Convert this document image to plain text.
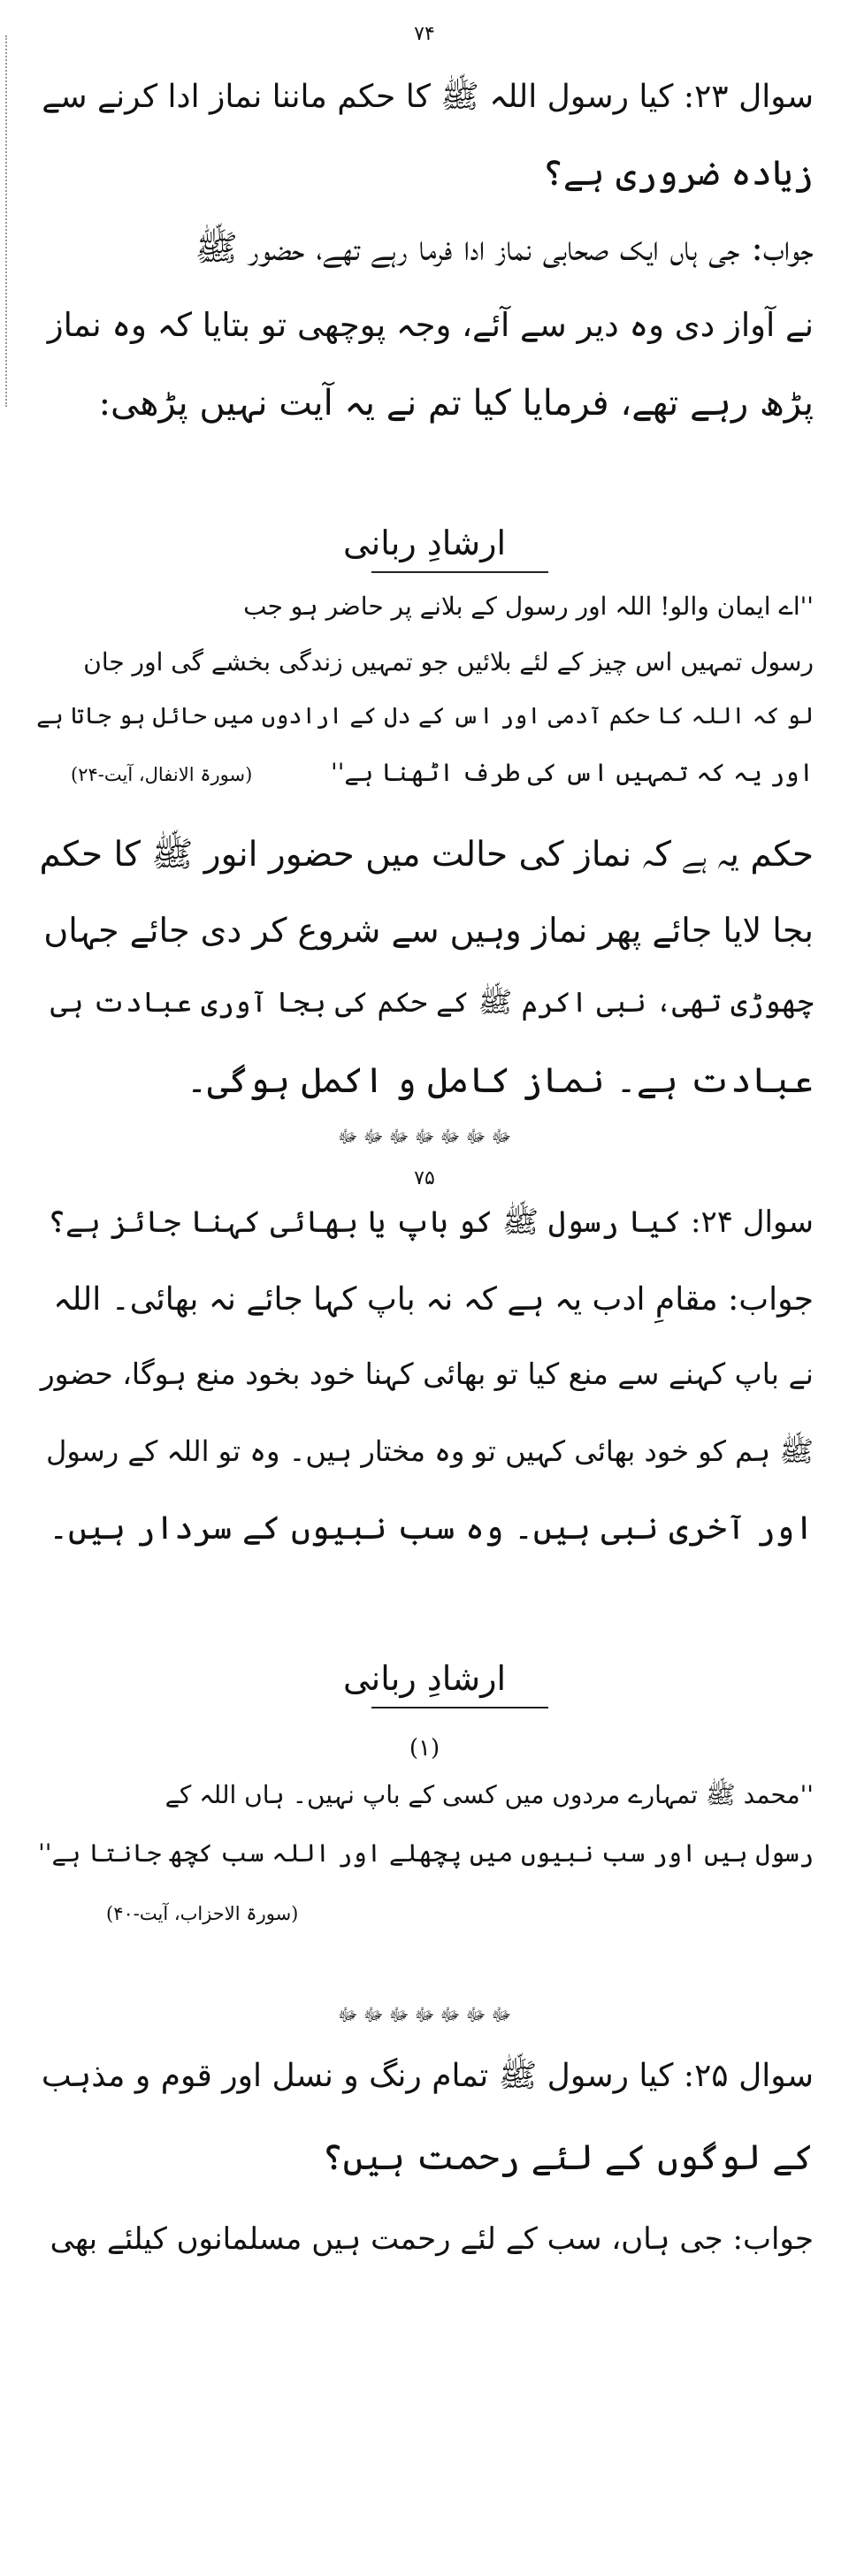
۷۴
سوال ۲۳: کیا رسول اللہ ﷺ کا حکم ماننا نماز ادا کرنے سے
زیادہ ضروری ہے؟
جواب: جی ہاں ایک صحابی نماز ادا فرما رہے تھے، حضور ﷺ
نے آواز دی وہ دیر سے آئے، وجہ پوچھی تو بتایا کہ وہ نماز
پڑھ رہے تھے، فرمایا کیا تم نے یہ آیت نہیں پڑھی:
ارشادِ ربانی
''اے ایمان والو! اللہ اور رسول کے بلانے پر حاضر ہو جب
رسول تمہیں اس چیز کے لئے بلائیں جو تمہیں زندگی بخشے گی اور جان
لو کہ اللہ کا حکم آدمی اور اس کے دل کے ارادوں میں حائل ہو جاتا ہے
اور یہ کہ تمہیں اس کی طرف اٹھنا ہے''
(سورۃ الانفال، آیت-۲۴)
حکم یہ ہے کہ نماز کی حالت میں حضور انور ﷺ کا حکم
بجا لایا جائے پھر نماز وہیں سے شروع کر دی جائے جہاں
چھوڑی تھی، نبی اکرم ﷺ کے حکم کی بجا آوری عبادت ہی
عبادت ہے۔ نماز کامل و اکمل ہوگی۔
ﷻ ﷻ ﷻ ﷻ ﷻ ﷻ ﷻ
۷۵
سوال ۲۴: کیا رسول ﷺ کو باپ یا بھائی کہنا جائز ہے؟
جواب: مقامِ ادب یہ ہے کہ نہ باپ کہا جائے نہ بھائی۔ اللہ
نے باپ کہنے سے منع کیا تو بھائی کہنا خود بخود منع ہوگا، حضور
ﷺ ہم کو خود بھائی کہیں تو وہ مختار ہیں۔ وہ تو اللہ کے رسول
اور آخری نبی ہیں۔ وہ سب نبیوں کے سردار ہیں۔
ارشادِ ربانی
(۱)
''محمد ﷺ تمہارے مردوں میں کسی کے باپ نہیں۔ ہاں اللہ کے
رسول ہیں اور سب نبیوں میں پچھلے اور اللہ سب کچھ جانتا ہے''
(سورۃ الاحزاب، آیت-۴۰)
ﷻ ﷻ ﷻ ﷻ ﷻ ﷻ ﷻ
سوال ۲۵: کیا رسول ﷺ تمام رنگ و نسل اور قوم و مذہب
کے لوگوں کے لئے رحمت ہیں؟
جواب: جی ہاں، سب کے لئے رحمت ہیں مسلمانوں کیلئے بھی
